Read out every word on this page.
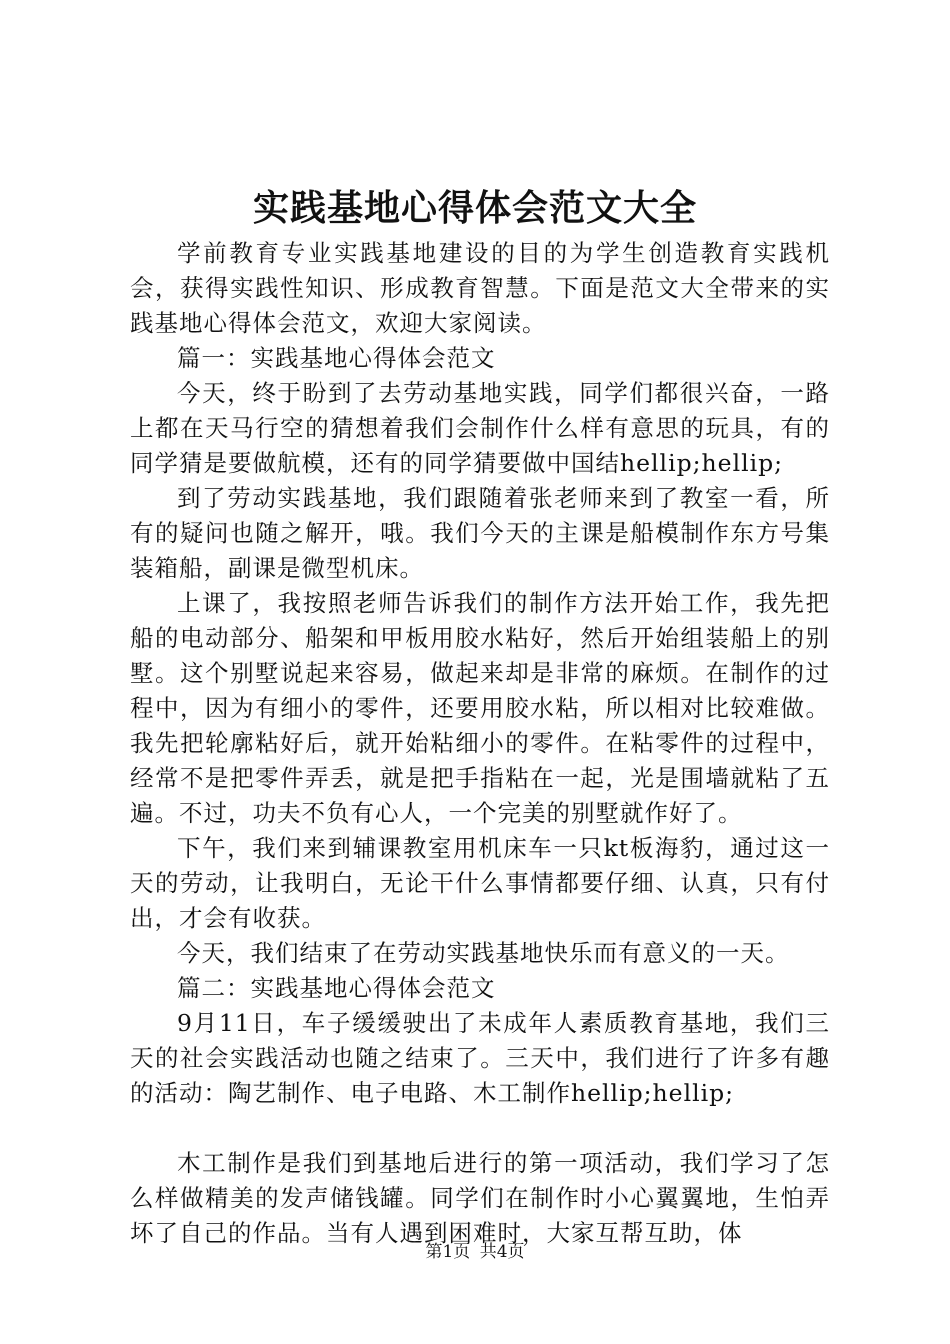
实践基地心得体会范文大全

学前教育专业实践基地建设的目的为学生创造教育实践机会，获得实践性知识、形成教育智慧。下面是范文大全带来的实践基地心得体会范文，欢迎大家阅读。

篇一：实践基地心得体会范文

今天，终于盼到了去劳动基地实践，同学们都很兴奋，一路上都在天马行空的猜想着我们会制作什么样有意思的玩具，有的同学猜是要做航模，还有的同学猜要做中国结hellip;hellip;

到了劳动实践基地，我们跟随着张老师来到了教室一看，所有的疑问也随之解开，哦。我们今天的主课是船模制作东方号集装箱船，副课是微型机床。

上课了，我按照老师告诉我们的制作方法开始工作，我先把船的电动部分、船架和甲板用胶水粘好，然后开始组装船上的别墅。这个别墅说起来容易，做起来却是非常的麻烦。在制作的过程中，因为有细小的零件，还要用胶水粘，所以相对比较难做。我先把轮廓粘好后，就开始粘细小的零件。在粘零件的过程中，经常不是把零件弄丢，就是把手指粘在一起，光是围墙就粘了五遍。不过，功夫不负有心人，一个完美的别墅就作好了。

下午，我们来到辅课教室用机床车一只kt板海豹，通过这一天的劳动，让我明白，无论干什么事情都要仔细、认真，只有付出，才会有收获。

今天，我们结束了在劳动实践基地快乐而有意义的一天。

篇二：实践基地心得体会范文

9月11日，车子缓缓驶出了未成年人素质教育基地，我们三天的社会实践活动也随之结束了。三天中，我们进行了许多有趣的活动：陶艺制作、电子电路、木工制作hellip;hellip;

木工制作是我们到基地后进行的第一项活动，我们学习了怎么样做精美的发声储钱罐。同学们在制作时小心翼翼地，生怕弄坏了自己的作品。当有人遇到困难时，大家互帮互助，体

第1页 共4页
